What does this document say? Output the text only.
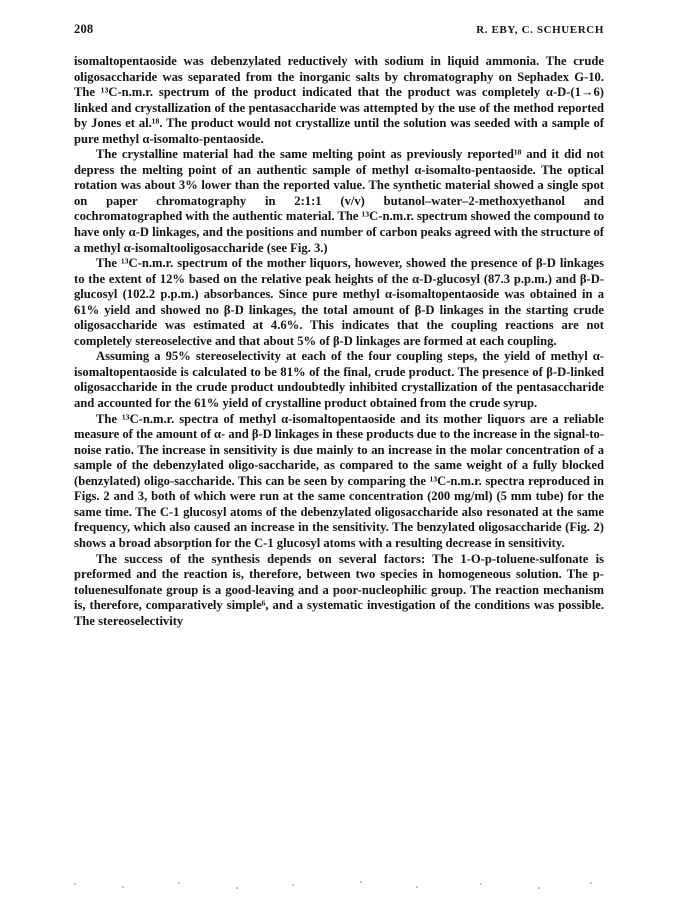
208	R. EBY, C. SCHUERCH

isomaltopentaoside was debenzylated reductively with sodium in liquid ammonia. The crude oligosaccharide was separated from the inorganic salts by chromatography on Sephadex G-10. The ¹³C-n.m.r. spectrum of the product indicated that the product was completely α-D-(1→6) linked and crystallization of the pentasaccharide was attempted by the use of the method reported by Jones et al.¹⁸. The product would not crystallize until the solution was seeded with a sample of pure methyl α-isomalto-pentaoside.

The crystalline material had the same melting point as previously reported¹⁸ and it did not depress the melting point of an authentic sample of methyl α-isomalto-pentaoside. The optical rotation was about 3% lower than the reported value. The synthetic material showed a single spot on paper chromatography in 2:1:1 (v/v) butanol–water–2-methoxyethanol and cochromatographed with the authentic material. The ¹³C-n.m.r. spectrum showed the compound to have only α-D linkages, and the positions and number of carbon peaks agreed with the structure of a methyl α-isomaltooligosaccharide (see Fig. 3.)

The ¹³C-n.m.r. spectrum of the mother liquors, however, showed the presence of β-D linkages to the extent of 12% based on the relative peak heights of the α-D-glucosyl (87.3 p.p.m.) and β-D-glucosyl (102.2 p.p.m.) absorbances. Since pure methyl α-isomaltopentaoside was obtained in a 61% yield and showed no β-D linkages, the total amount of β-D linkages in the starting crude oligosaccharide was estimated at 4.6%. This indicates that the coupling reactions are not completely stereoselective and that about 5% of β-D linkages are formed at each coupling.

Assuming a 95% stereoselectivity at each of the four coupling steps, the yield of methyl α-isomaltopentaoside is calculated to be 81% of the final, crude product. The presence of β-D-linked oligosaccharide in the crude product undoubtedly inhibited crystallization of the pentasaccharide and accounted for the 61% yield of crystalline product obtained from the crude syrup.

The ¹³C-n.m.r. spectra of methyl α-isomaltopentaoside and its mother liquors are a reliable measure of the amount of α- and β-D linkages in these products due to the increase in the signal-to-noise ratio. The increase in sensitivity is due mainly to an increase in the molar concentration of a sample of the debenzylated oligo-saccharide, as compared to the same weight of a fully blocked (benzylated) oligo-saccharide. This can be seen by comparing the ¹³C-n.m.r. spectra reproduced in Figs. 2 and 3, both of which were run at the same concentration (200 mg/ml) (5 mm tube) for the same time. The C-1 glucosyl atoms of the debenzylated oligosaccharide also resonated at the same frequency, which also caused an increase in the sensitivity. The benzylated oligosaccharide (Fig. 2) shows a broad absorption for the C-1 glucosyl atoms with a resulting decrease in sensitivity.

The success of the synthesis depends on several factors: The 1-O-p-toluene-sulfonate is preformed and the reaction is, therefore, between two species in homogeneous solution. The p-toluenesulfonate group is a good-leaving and a poor-nucleophilic group. The reaction mechanism is, therefore, comparatively simple⁶, and a systematic investigation of the conditions was possible. The stereoselectivity
